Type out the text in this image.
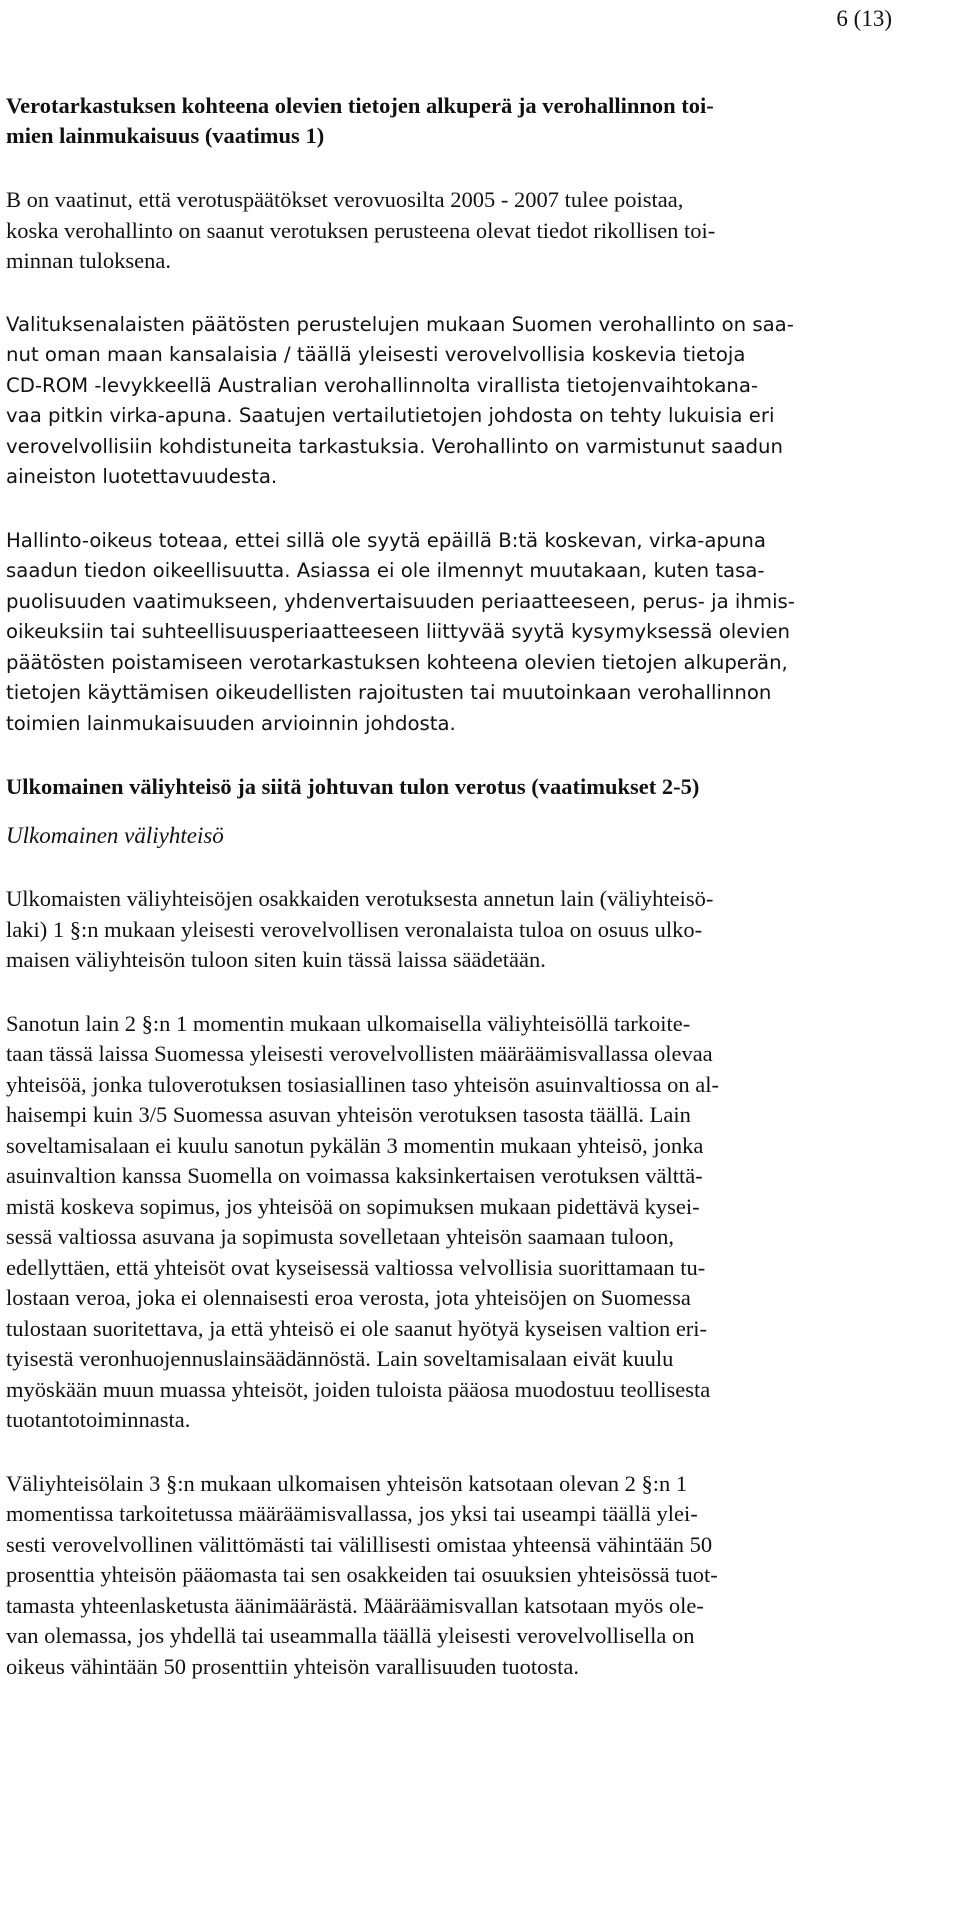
6 (13)
Verotarkastuksen kohteena olevien tietojen alkuperä ja verohallinnon toi-
mien lainmukaisuus (vaatimus 1)

B on vaatinut, että verotuspäätökset verovuosilta 2005 - 2007 tulee poistaa,
koska verohallinto on saanut verotuksen perusteena olevat tiedot rikollisen toi-
minnan tuloksena.

Valituksenalaisten päätösten perustelujen mukaan Suomen verohallinto on saa-
nut oman maan kansalaisia / täällä yleisesti verovelvollisia koskevia tietoja
CD-ROM -levykkeellä Australian verohallinnolta virallista tietojenvaihtokana-
vaa pitkin virka-apuna. Saatujen vertailutietojen johdosta on tehty lukuisia eri
verovelvollisiin kohdistuneita tarkastuksia. Verohallinto on varmistunut saadun
aineiston luotettavuudesta.

Hallinto-oikeus toteaa, ettei sillä ole syytä epäillä B:tä koskevan, virka-apuna
saadun tiedon oikeellisuutta. Asiassa ei ole ilmennyt muutakaan, kuten tasa-
puolisuuden vaatimukseen, yhdenvertaisuuden periaatteeseen, perus- ja ihmis-
oikeuksiin tai suhteellisuusperiaatteeseen liittyvää syytä kysymyksessä olevien
päätösten poistamiseen verotarkastuksen kohteena olevien tietojen alkuperän,
tietojen käyttämisen oikeudellisten rajoitusten tai muutoinkaan verohallinnon
toimien lainmukaisuuden arvioinnin johdosta.

Ulkomainen väliyhteisö ja siitä johtuvan tulon verotus (vaatimukset 2-5)

Ulkomainen väliyhteisö

Ulkomaisten väliyhteisöjen osakkaiden verotuksesta annetun lain (väliyhteisö-
laki) 1 §:n mukaan yleisesti verovelvollisen veronalaista tuloa on osuus ulko-
maisen väliyhteisön tuloon siten kuin tässä laissa säädetään.

Sanotun lain 2 §:n 1 momentin mukaan ulkomaisella väliyhteisöllä tarkoite-
taan tässä laissa Suomessa yleisesti verovelvollisten määräämisvallassa olevaa
yhteisöä, jonka tuloverotuksen tosiasiallinen taso yhteisön asuinvaltiossa on al-
haisempi kuin 3/5 Suomessa asuvan yhteisön verotuksen tasosta täällä. Lain
soveltamisalaan ei kuulu sanotun pykälän 3 momentin mukaan yhteisö, jonka
asuinvaltion kanssa Suomella on voimassa kaksinkertaisen verotuksen välttä-
mistä koskeva sopimus, jos yhteisöä on sopimuksen mukaan pidettävä kysei-
sessä valtiossa asuvana ja sopimusta sovelletaan yhteisön saamaan tuloon,
edellyttäen, että yhteisöt ovat kyseisessä valtiossa velvollisia suorittamaan tu-
lostaan veroa, joka ei olennaisesti eroa verosta, jota yhteisöjen on Suomessa
tulostaan suoritettava, ja että yhteisö ei ole saanut hyötyä kyseisen valtion eri-
tyisestä veronhuojennuslainsäädännöstä. Lain soveltamisalaan eivät kuulu
myöskään muun muassa yhteisöt, joiden tuloista pääosa muodostuu teollisesta
tuotantotoiminnasta.

Väliyhteisölain 3 §:n mukaan ulkomaisen yhteisön katsotaan olevan 2 §:n 1
momentissa tarkoitetussa määräämisvallassa, jos yksi tai useampi täällä ylei-
sesti verovelvollinen välittömästi tai välillisesti omistaa yhteensä vähintään 50
prosenttia yhteisön pääomasta tai sen osakkeiden tai osuuksien yhteisössä tuot-
tamasta yhteenlasketusta äänimäärästä. Määräämisvallan katsotaan myös ole-
van olemassa, jos yhdellä tai useammalla täällä yleisesti verovelvollisella on
oikeus vähintään 50 prosenttiin yhteisön varallisuuden tuotosta.
